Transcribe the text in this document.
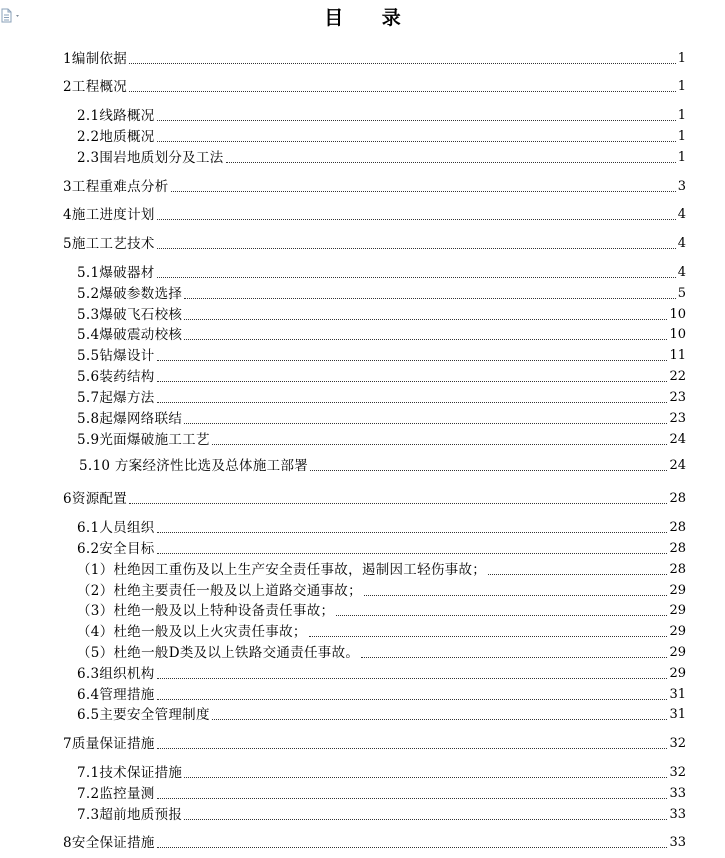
目 录
1编制依据	1
2工程概况	1
2.1线路概况	1
2.2地质概况	1
2.3围岩地质划分及工法	1
3工程重难点分析	3
4施工进度计划	4
5施工工艺技术	4
5.1爆破器材	4
5.2爆破参数选择	5
5.3爆破飞石校核	10
5.4爆破震动校核	10
5.5钻爆设计	11
5.6装药结构	22
5.7起爆方法	23
5.8起爆网络联结	23
5.9光面爆破施工工艺	24
5.10 方案经济性比选及总体施工部署	24
6资源配置	28
6.1人员组织	28
6.2安全目标	28
（1）杜绝因工重伤及以上生产安全责任事故，遏制因工轻伤事故；	28
（2）杜绝主要责任一般及以上道路交通事故；	29
（3）杜绝一般及以上特种设备责任事故；	29
（4）杜绝一般及以上火灾责任事故；	29
（5）杜绝一般D类及以上铁路交通责任事故。	29
6.3组织机构	29
6.4管理措施	31
6.5主要安全管理制度	31
7质量保证措施	32
7.1技术保证措施	32
7.2监控量测	33
7.3超前地质预报	33
8安全保证措施	33
